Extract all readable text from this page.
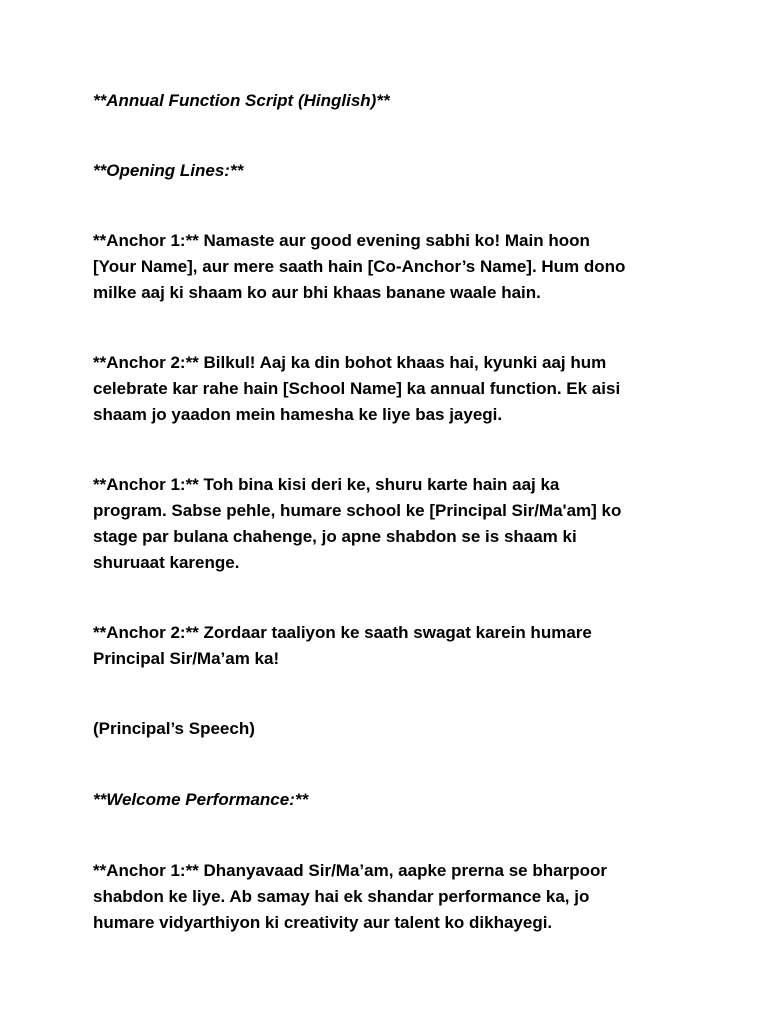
**Annual Function Script (Hinglish)**

**Opening Lines:**

**Anchor 1:** Namaste aur good evening sabhi ko! Main hoon
[Your Name], aur mere saath hain [Co-Anchor’s Name]. Hum dono
milke aaj ki shaam ko aur bhi khaas banane waale hain.

**Anchor 2:** Bilkul! Aaj ka din bohot khaas hai, kyunki aaj hum
celebrate kar rahe hain [School Name] ka annual function. Ek aisi
shaam jo yaadon mein hamesha ke liye bas jayegi.

**Anchor 1:** Toh bina kisi deri ke, shuru karte hain aaj ka
program. Sabse pehle, humare school ke [Principal Sir/Ma'am] ko
stage par bulana chahenge, jo apne shabdon se is shaam ki
shuruaat karenge.

**Anchor 2:** Zordaar taaliyon ke saath swagat karein humare
Principal Sir/Ma’am ka!

(Principal’s Speech)

**Welcome Performance:**

**Anchor 1:** Dhanyavaad Sir/Ma’am, aapke prerna se bharpoor
shabdon ke liye. Ab samay hai ek shandar performance ka, jo
humare vidyarthiyon ki creativity aur talent ko dikhayegi.
